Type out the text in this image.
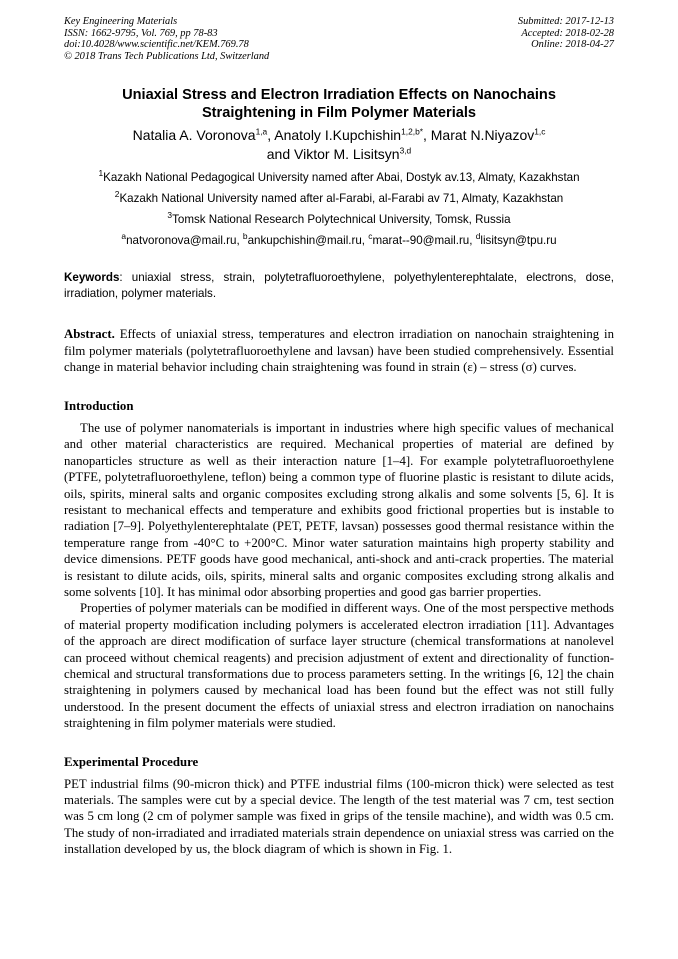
Key Engineering Materials
ISSN: 1662-9795, Vol. 769, pp 78-83
doi:10.4028/www.scientific.net/KEM.769.78
© 2018 Trans Tech Publications Ltd, Switzerland
Submitted: 2017-12-13
Accepted: 2018-02-28
Online: 2018-04-27
Uniaxial Stress and Electron Irradiation Effects on Nanochains
Straightening in Film Polymer Materials
Natalia A. Voronova$^{1,a}$, Anatoly I.Kupchishin$^{1,2,b*}$, Marat N.Niyazov$^{1,c}$
and Viktor M. Lisitsyn$^{3,d}$
$^1$Kazakh National Pedagogical University named after Abai, Dostyk av.13, Almaty, Kazakhstan
$^2$Kazakh National University named after al-Farabi, al-Farabi av 71, Almaty, Kazakhstan
$^3$Tomsk National Research Polytechnical University, Tomsk, Russia
$^a$natvoronova@mail.ru, $^b$ankupchishin@mail.ru, $^c$marat--90@mail.ru, $^d$lisitsyn@tpu.ru
Keywords: uniaxial stress, strain, polytetrafluoroethylene, polyethylenterephtalate, electrons, dose, irradiation, polymer materials.
Abstract. Effects of uniaxial stress, temperatures and electron irradiation on nanochain straightening in film polymer materials (polytetrafluoroethylene and lavsan) have been studied comprehensively. Essential change in material behavior including chain straightening was found in strain (ε) – stress (σ) curves.
Introduction

The use of polymer nanomaterials is important in industries where high specific values of mechanical and other material characteristics are required. Mechanical properties of material are defined by nanoparticles structure as well as their interaction nature [1–4]. For example polytetrafluoroethylene (PTFE, polytetrafluoroethylene, teflon) being a common type of fluorine plastic is resistant to dilute acids, oils, spirits, mineral salts and organic composites excluding strong alkalis and some solvents [5, 6]. It is resistant to mechanical effects and temperature and exhibits good frictional properties but is instable to radiation [7–9]. Polyethylenterephtalate (PET, PETF, lavsan) possesses good thermal resistance within the temperature range from -40°C to +200°C. Minor water saturation maintains high property stability and device dimensions. PETF goods have good mechanical, anti-shock and anti-crack properties. The material is resistant to dilute acids, oils, spirits, mineral salts and organic composites excluding strong alkalis and some solvents [10]. It has minimal odor absorbing properties and good gas barrier properties.

Properties of polymer materials can be modified in different ways. One of the most perspective methods of material property modification including polymers is accelerated electron irradiation [11]. Advantages of the approach are direct modification of surface layer structure (chemical transformations at nanolevel can proceed without chemical reagents) and precision adjustment of extent and directionality of function-chemical and structural transformations due to process parameters setting. In the writings [6, 12] the chain straightening in polymers caused by mechanical load has been found but the effect was not still fully understood. In the present document the effects of uniaxial stress and electron irradiation on nanochains straightening in film polymer materials were studied.

Experimental Procedure

PET industrial films (90-micron thick) and PTFE industrial films (100-micron thick) were selected as test materials. The samples were cut by a special device. The length of the test material was 7 cm, test section was 5 cm long (2 cm of polymer sample was fixed in grips of the tensile machine), and width was 0.5 cm. The study of non-irradiated and irradiated materials strain dependence on uniaxial stress was carried on the installation developed by us, the block diagram of which is shown in Fig. 1.
